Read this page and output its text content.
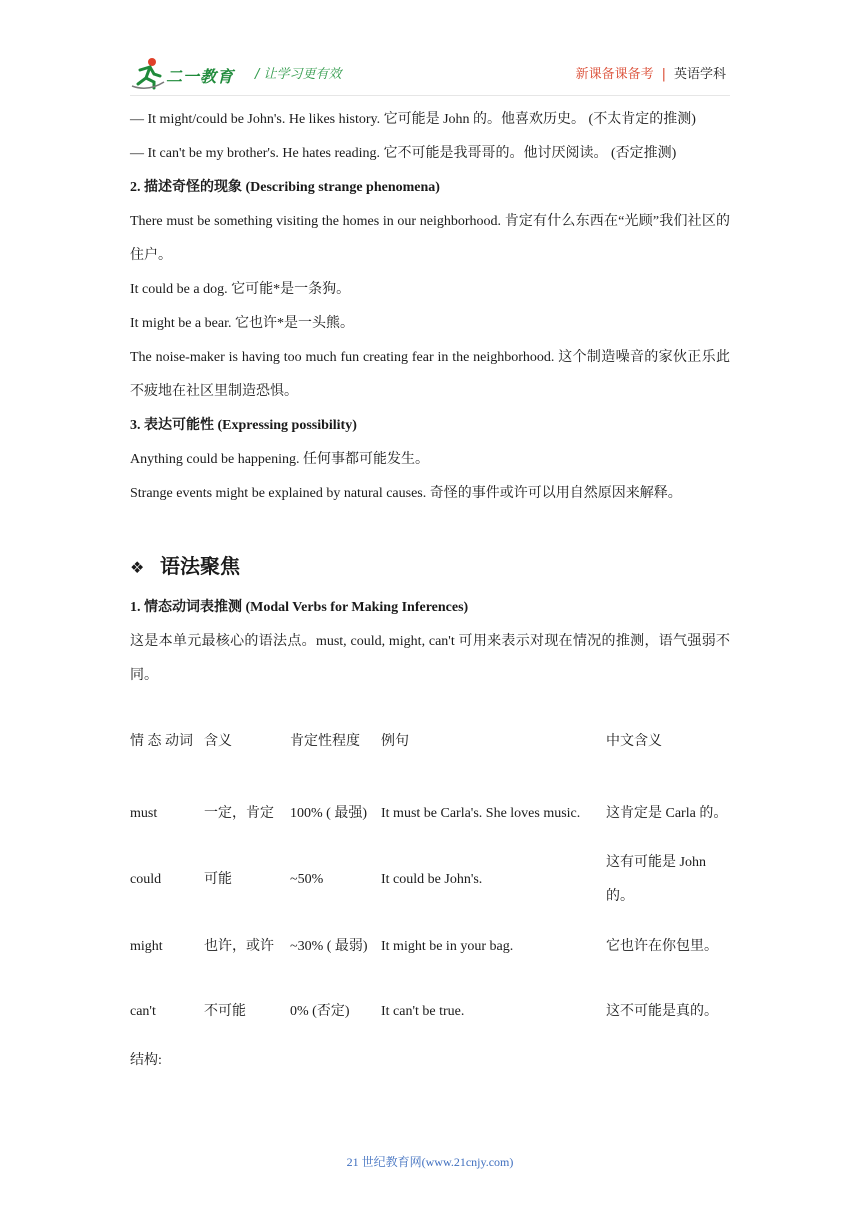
二一教育 / 让学习更有效	新课备课备考 | 英语学科

— It might/could be John's. He likes history. 它可能是 John 的。他喜欢历史。 (不太肯定的推测)

— It can't be my brother's. He hates reading. 它不可能是我哥哥的。他讨厌阅读。 (否定推测)

2. 描述奇怪的现象 (Describing strange phenomena)

There must be something visiting the homes in our neighborhood. 肯定有什么东西在“光顾”我们社区的住户。

It could be a dog. 它可能*是一条狗。

It might be a bear. 它也许*是一头熊。

The noise-maker is having too much fun creating fear in the neighborhood. 这个制造噪音的家伙正乐此不疲地在社区里制造恐惧。

3. 表达可能性 (Expressing possibility)

Anything could be happening. 任何事都可能发生。

Strange events might be explained by natural causes. 奇怪的事件或许可以用自然原因来解释。

❖ 语法聚焦

1. 情态动词表推测 (Modal Verbs for Making Inferences)

这是本单元最核心的语法点。must, could, might, can't 可用来表示对现在情况的推测，语气强弱不同。

情 态 动词	含义	肯定性程度	例句	中文含义
must	一定，肯定	100% ( 最强)	It must be Carla's. She loves music.	这肯定是 Carla 的。
could	可能	~50%	It could be John's.	这有可能是 John 的。
might	也许，或许	~30% ( 最弱)	It might be in your bag.	它也许在你包里。
can't	不可能	0% (否定)	It can't be true.	这不可能是真的。

结构:

21 世纪教育网(www.21cnjy.com)
